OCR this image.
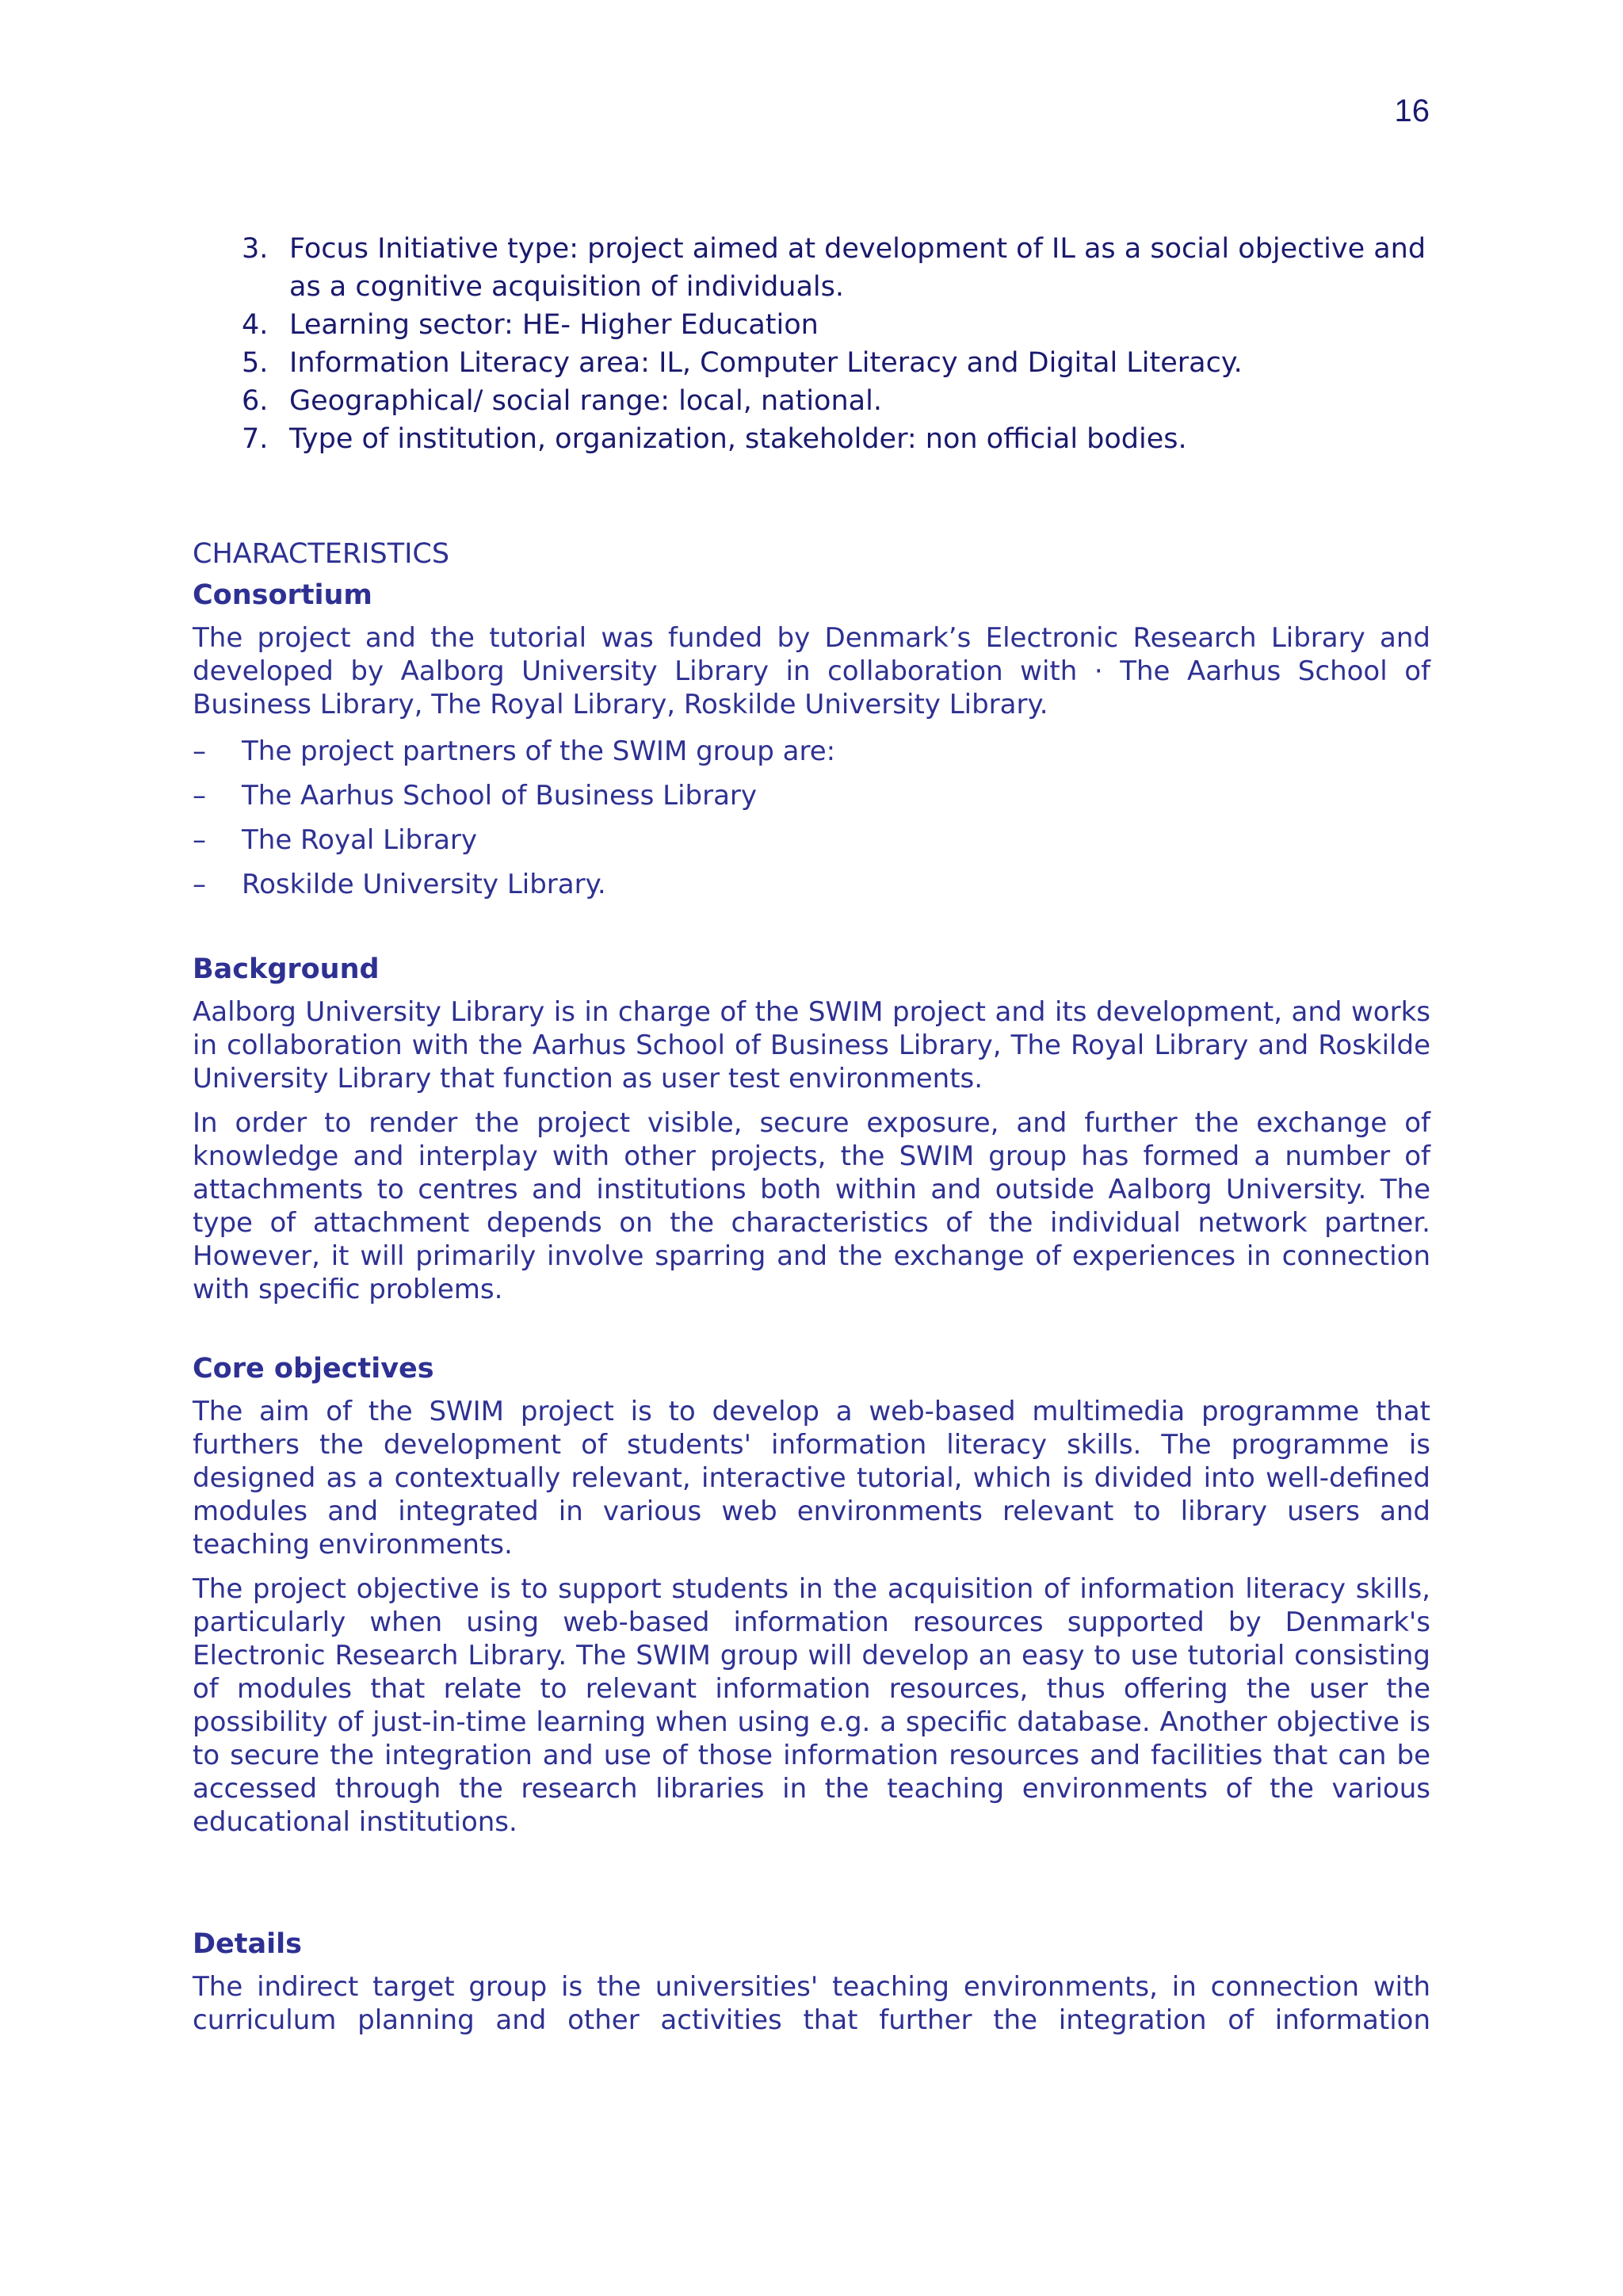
16
3. Focus Initiative type: project aimed at development of IL as a social objective and as a cognitive acquisition of individuals.
4. Learning sector: HE- Higher Education
5. Information Literacy area: IL, Computer Literacy and Digital Literacy.
6. Geographical/ social range: local, national.
7. Type of institution, organization, stakeholder: non official bodies.
CHARACTERISTICS
Consortium

The project and the tutorial was funded by Denmark’s Electronic Research Library and developed by Aalborg University Library in collaboration with · The Aarhus School of Business Library, The Royal Library, Roskilde University Library.

– The project partners of the SWIM group are:
– The Aarhus School of Business Library
– The Royal Library
– Roskilde University Library.
Background

Aalborg University Library is in charge of the SWIM project and its development, and works in collaboration with the Aarhus School of Business Library, The Royal Library and Roskilde University Library that function as user test environments.

In order to render the project visible, secure exposure, and further the exchange of knowledge and interplay with other projects, the SWIM group has formed a number of attachments to centres and institutions both within and outside Aalborg University. The type of attachment depends on the characteristics of the individual network partner. However, it will primarily involve sparring and the exchange of experiences in connection with specific problems.

Core objectives

The aim of the SWIM project is to develop a web-based multimedia programme that furthers the development of students' information literacy skills. The programme is designed as a contextually relevant, interactive tutorial, which is divided into well-defined modules and integrated in various web environments relevant to library users and teaching environments.

The project objective is to support students in the acquisition of information literacy skills, particularly when using web-based information resources supported by Denmark's Electronic Research Library. The SWIM group will develop an easy to use tutorial consisting of modules that relate to relevant information resources, thus offering the user the possibility of just-in-time learning when using e.g. a specific database. Another objective is to secure the integration and use of those information resources and facilities that can be accessed through the research libraries in the teaching environments of the various educational institutions.

Details

The indirect target group is the universities' teaching environments, in connection with curriculum planning and other activities that further the integration of information
